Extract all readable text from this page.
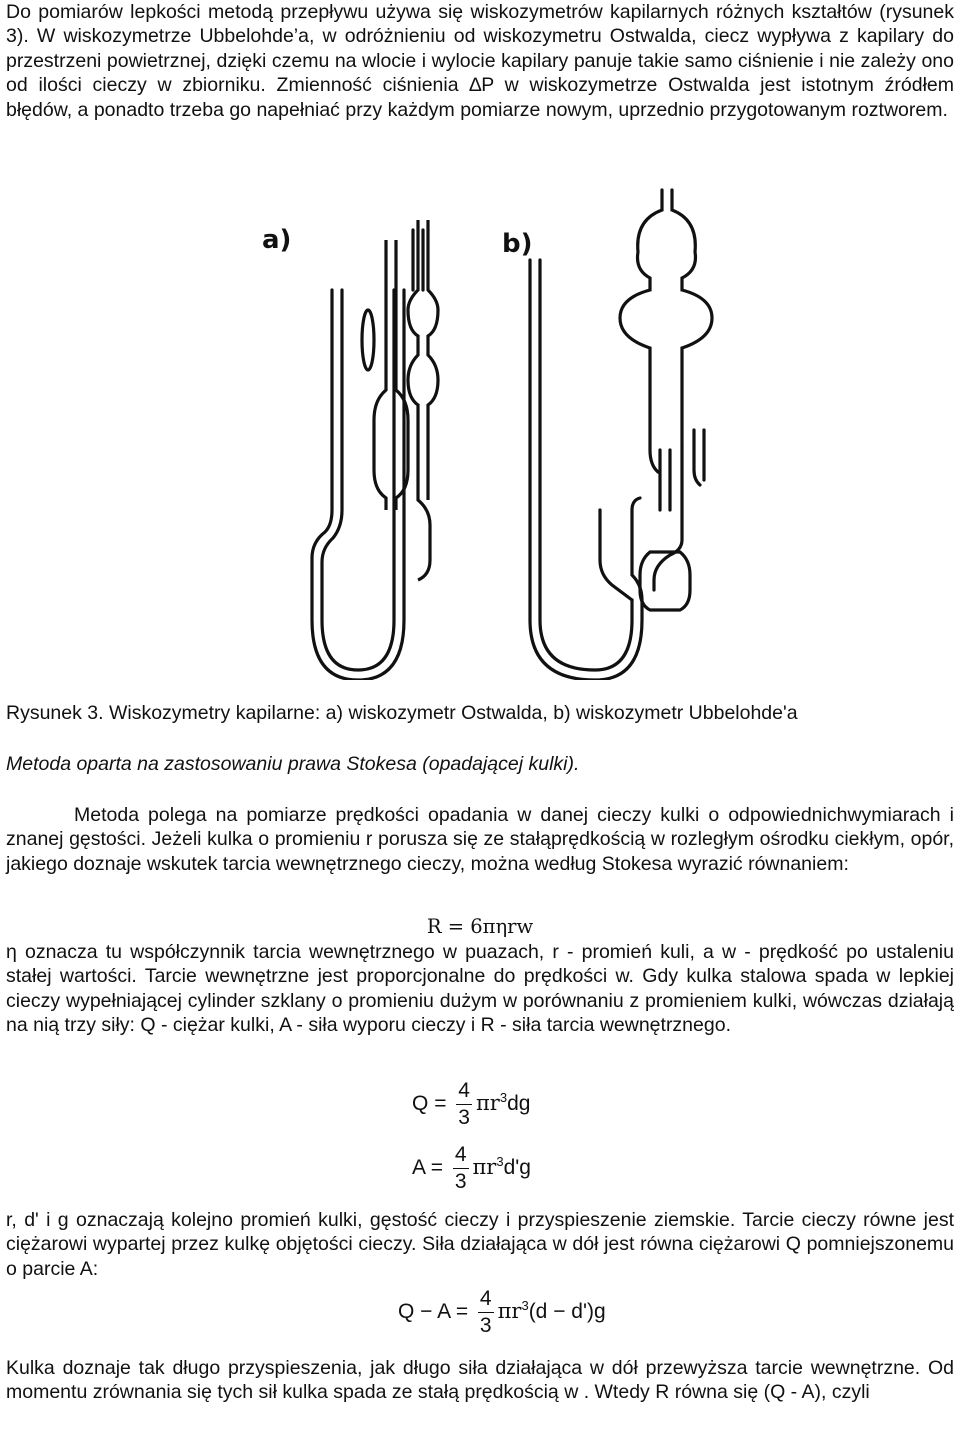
Do pomiarów lepkości metodą przepływu używa się wiskozymetrów kapilarnych różnych kształtów (rysunek 3). W wiskozymetrze Ubbelohde’a, w odróżnieniu od wiskozymetru Ostwalda, ciecz wypływa z kapilary do przestrzeni powietrznej, dzięki czemu na wlocie i wylocie kapilary panuje takie samo ciśnienie i nie zależy ono od ilości cieczy w zbiorniku. Zmienność ciśnienia ∆P w wiskozymetrze Ostwalda jest istotnym źródłem błędów, a ponadto trzeba go napełniać przy każdym pomiarze nowym, uprzednio przygotowanym roztworem.

a)	b)
Rysunek 3. Wiskozymetry kapilarne: a) wiskozymetr Ostwalda, b) wiskozymetr Ubbelohde'a
Metoda oparta na zastosowaniu prawa Stokesa (opadającej kulki).

Metoda polega na pomiarze prędkości opadania w danej cieczy kulki o odpowiednichwymiarach i znanej gęstości. Jeżeli kulka o promieniu r porusza się ze stałąprędkością w rozległym ośrodku ciekłym, opór, jakiego doznaje wskutek tarcia wewnętrznego cieczy, można według Stokesa wyrazić równaniem:

R = 6πηrw

η oznacza tu współczynnik tarcia wewnętrznego w puazach, r - promień kuli, a w - prędkość po ustaleniu stałej wartości. Tarcie wewnętrzne jest proporcjonalne do prędkości w. Gdy kulka stalowa spada w lepkiej cieczy wypełniającej cylinder szklany o promieniu dużym w porównaniu z promieniem kulki, wówczas działają na nią trzy siły: Q - ciężar kulki, A - siła wyporu cieczy i R - siła tarcia wewnętrznego.

$Q = \frac{4}{3} \pi r^3dg$
$A = \frac{4}{3} \pi r^3d'g$

r, d' i g oznaczają kolejno promień kulki, gęstość cieczy i przyspieszenie ziemskie. Tarcie cieczy równe jest ciężarowi wypartej przez kulkę objętości cieczy. Siła działająca w dół jest równa ciężarowi Q pomniejszonemu o parcie A:

$Q - A = \frac{4}{3} \pi r^3(d - d')g$

Kulka doznaje tak długo przyspieszenia, jak długo siła działająca w dół przewyższa tarcie wewnętrzne. Od momentu zrównania się tych sił kulka spada ze stałą prędkością w . Wtedy R równa się (Q - A), czyli
